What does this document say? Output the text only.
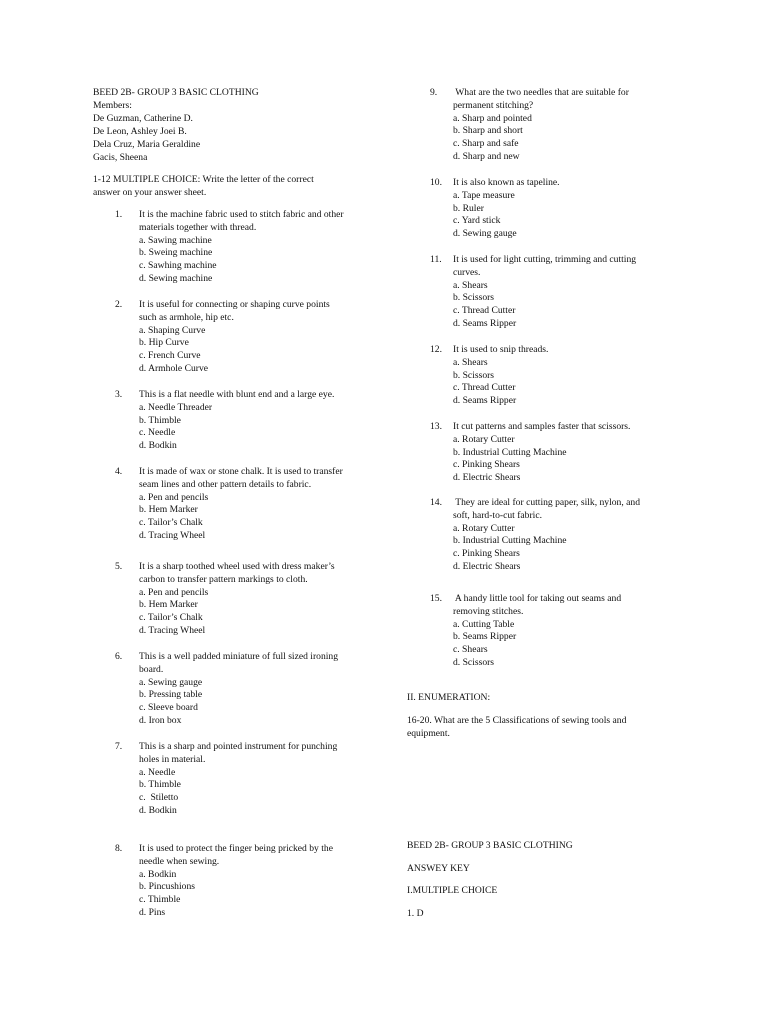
BEED 2B- GROUP 3 BASIC CLOTHING
Members:
De Guzman, Catherine D.
De Leon, Ashley Joei B.
Dela Cruz, Maria Geraldine
Gacis, Sheena
1-12 MULTIPLE CHOICE: Write the letter of the correct
answer on your answer sheet.
1. It is the machine fabric used to stitch fabric and other
materials together with thread.
a. Sawing machine
b. Sweing machine
c. Sawhing machine
d. Sewing machine
2. It is useful for connecting or shaping curve points
such as armhole, hip etc.
a. Shaping Curve
b. Hip Curve
c. French Curve
d. Armhole Curve
3. This is a flat needle with blunt end and a large eye.
a. Needle Threader
b. Thimble
c. Needle
d. Bodkin
4. It is made of wax or stone chalk. It is used to transfer
seam lines and other pattern details to fabric.
a. Pen and pencils
b. Hem Marker
c. Tailor’s Chalk
d. Tracing Wheel
5. It is a sharp toothed wheel used with dress maker’s
carbon to transfer pattern markings to cloth.
a. Pen and pencils
b. Hem Marker
c. Tailor’s Chalk
d. Tracing Wheel
6. This is a well padded miniature of full sized ironing
board.
a. Sewing gauge
b. Pressing table
c. Sleeve board
d. Iron box
7. This is a sharp and pointed instrument for punching
holes in material.
a. Needle
b. Thimble
c.  Stiletto
d. Bodkin
8. It is used to protect the finger being pricked by the
needle when sewing.
a. Bodkin
b. Pincushions
c. Thimble
d. Pins
9. What are the two needles that are suitable for
permanent stitching?
a. Sharp and pointed
b. Sharp and short
c. Sharp and safe
d. Sharp and new
10. It is also known as tapeline.
a. Tape measure
b. Ruler
c. Yard stick
d. Sewing gauge
11. It is used for light cutting, trimming and cutting
curves.
a. Shears
b. Scissors
c. Thread Cutter
d. Seams Ripper
12. It is used to snip threads.
a. Shears
b. Scissors
c. Thread Cutter
d. Seams Ripper
13. It cut patterns and samples faster that scissors.
a. Rotary Cutter
b. Industrial Cutting Machine
c. Pinking Shears
d. Electric Shears
14. They are ideal for cutting paper, silk, nylon, and
soft, hard-to-cut fabric.
a. Rotary Cutter
b. Industrial Cutting Machine
c. Pinking Shears
d. Electric Shears
15. A handy little tool for taking out seams and
removing stitches.
a. Cutting Table
b. Seams Ripper
c. Shears
d. Scissors
II. ENUMERATION:
16-20. What are the 5 Classifications of sewing tools and
equipment.
BEED 2B- GROUP 3 BASIC CLOTHING
ANSWEY KEY
I.MULTIPLE CHOICE
1. D
